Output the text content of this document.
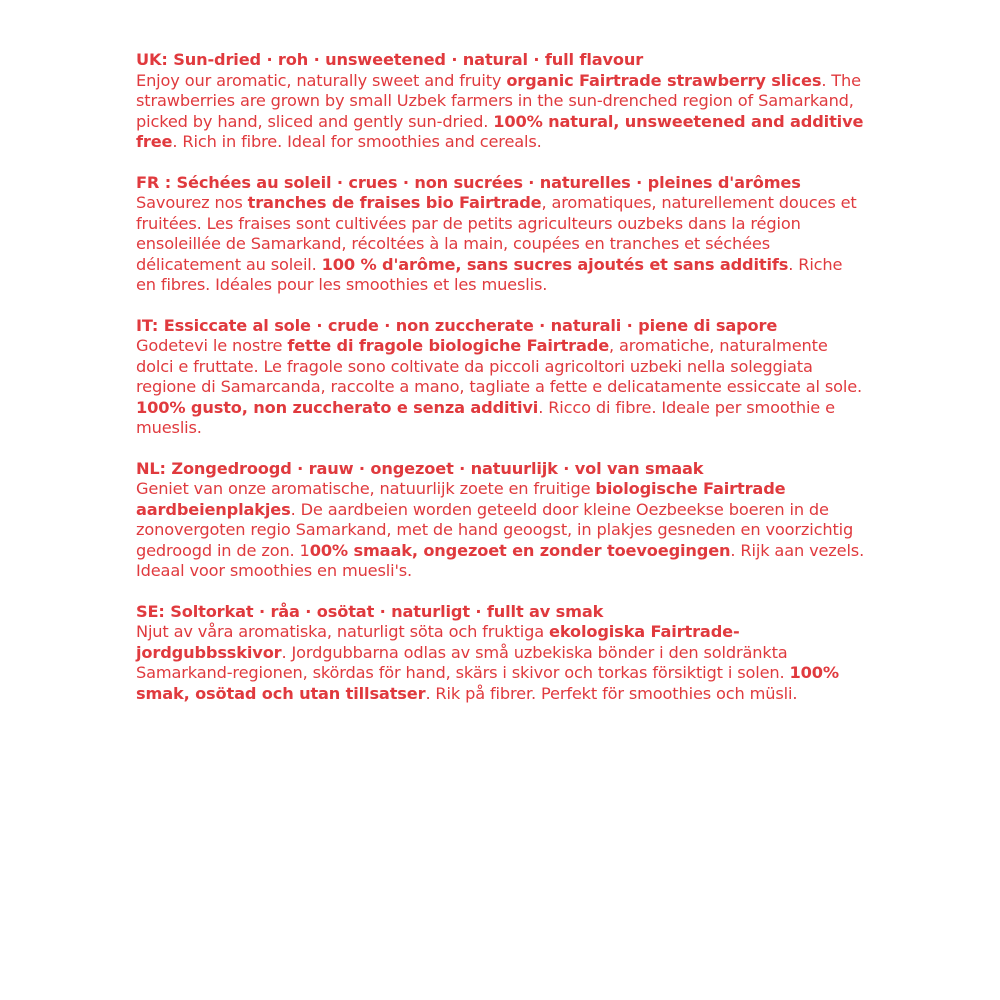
UK: Sun-dried · roh · unsweetened · natural · full flavour
Enjoy our aromatic, naturally sweet and fruity organic Fairtrade strawberry slices. The strawberries are grown by small Uzbek farmers in the sun-drenched region of Samarkand, picked by hand, sliced and gently sun-dried. 100% natural, unsweetened and additive free. Rich in fibre. Ideal for smoothies and cereals.
FR : Séchées au soleil · crues · non sucrées · naturelles · pleines d'arômes
Savourez nos tranches de fraises bio Fairtrade, aromatiques, naturellement douces et fruitées. Les fraises sont cultivées par de petits agriculteurs ouzbeks dans la région ensoleillée de Samarkand, récoltées à la main, coupées en tranches et séchées délicatement au soleil. 100 % d'arôme, sans sucres ajoutés et sans additifs. Riche en fibres. Idéales pour les smoothies et les mueslis.
IT: Essiccate al sole · crude · non zuccherate · naturali · piene di sapore
Godetevi le nostre fette di fragole biologiche Fairtrade, aromatiche, naturalmente dolci e fruttate. Le fragole sono coltivate da piccoli agricoltori uzbeki nella soleggiata regione di Samarcanda, raccolte a mano, tagliate a fette e delicatamente essiccate al sole. 100% gusto, non zuccherato e senza additivi. Ricco di fibre. Ideale per smoothie e mueslis.
NL: Zongedroogd · rauw · ongezoet · natuurlijk · vol van smaak
Geniet van onze aromatische, natuurlijk zoete en fruitige biologische Fairtrade aardbeienplakjes. De aardbeien worden geteeld door kleine Oezbeekse boeren in de zonovergoten regio Samarkand, met de hand geoogst, in plakjes gesneden en voorzichtig gedroogd in de zon. 100% smaak, ongezoet en zonder toevoegingen. Rijk aan vezels. Ideaal voor smoothies en muesli's.
SE: Soltorkat · råa · osötat · naturligt · fullt av smak
Njut av våra aromatiska, naturligt söta och fruktiga ekologiska Fairtrade-jordgubbsskivor. Jordgubbarna odlas av små uzbekiska bönder i den soldränkta Samarkand-regionen, skördas för hand, skärs i skivor och torkas försiktigt i solen. 100% smak, osötad och utan tillsatser. Rik på fibrer. Perfekt för smoothies och müsli.
